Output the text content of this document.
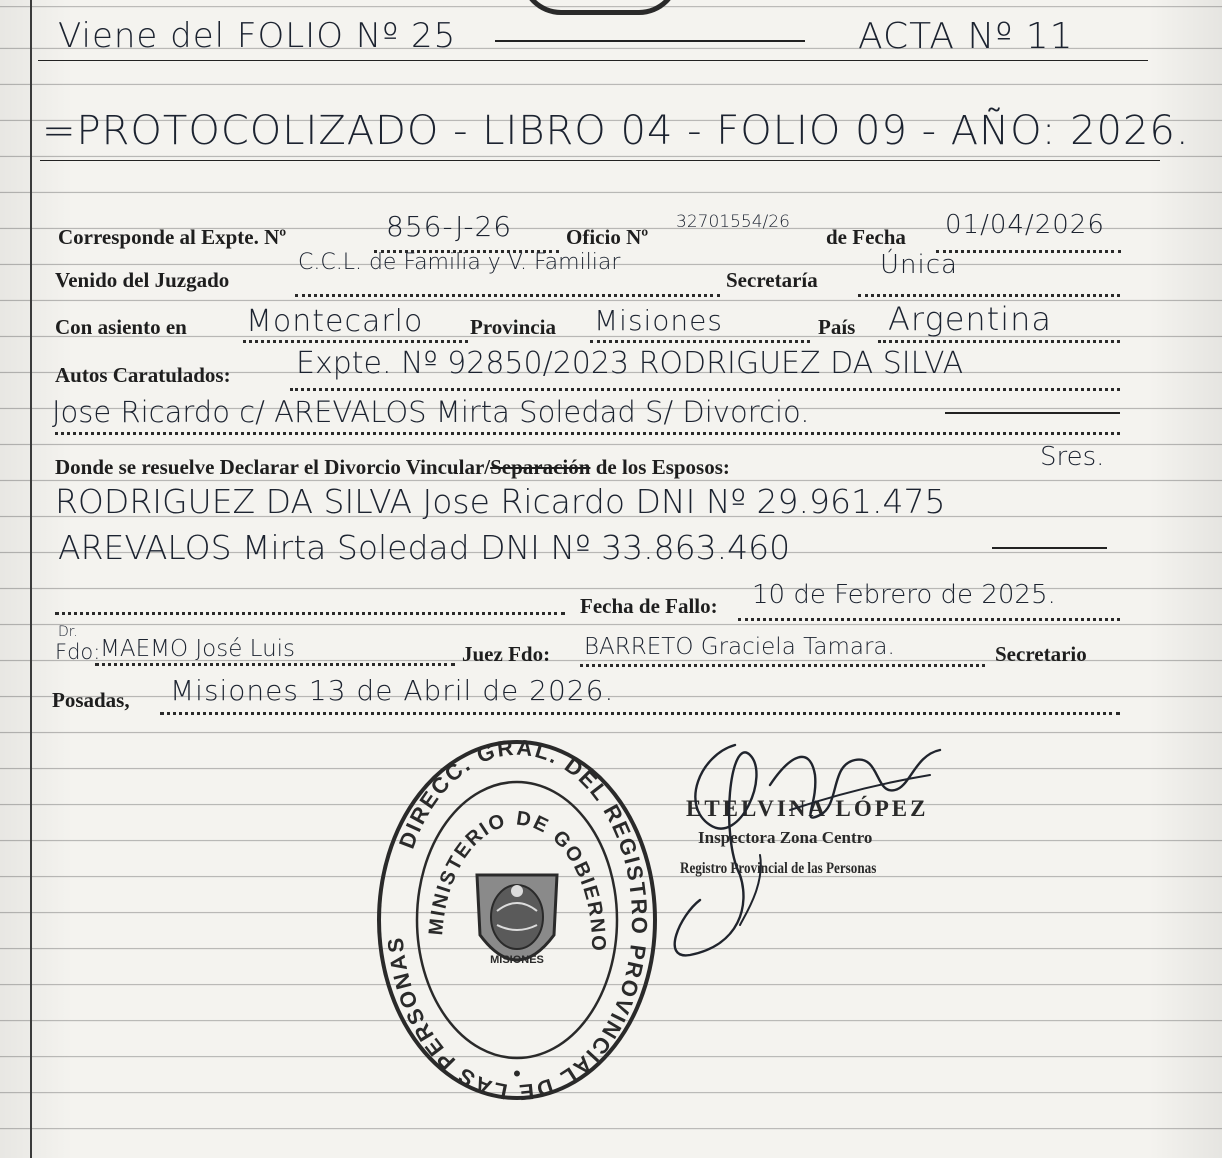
Viene del FOLIO Nº 25	ACTA Nº 11
=PROTOCOLIZADO - LIBRO 04 - FOLIO 09 - AÑO: 2026.
Corresponde al Expte. Nº	856-J-26	Oficio Nº
32701554/26
de Fecha 01/04/2026
Venido del Juzgado
C.C.L. de Familia y V. Familiar
Secretaría Única
Con asiento en Montecarlo Provincia Misiones	País Argentina
Autos Caratulados: Expte. Nº 92850/2023 RODRIGUEZ DA SILVA
Jose Ricardo c/ AREVALOS Mirta Soledad S/ Divorcio.
Donde se resuelve Declarar el Divorcio Vincular/Separación de los Esposos:	Sres.
RODRIGUEZ DA SILVA Jose Ricardo DNI Nº 29.961.475
AREVALOS Mirta Soledad DNI Nº 33.863.460
Fecha de Fallo: 10 de Febrero de 2025.
Dr.
Fdo: MAEMO José Luis	Juez Fdo: BARRETO Graciela Tamara.	Secretario
Posadas, Misiones 13 de Abril de 2026.
DIRECC. GRAL. DEL REGISTRO PROVINCIAL DE LAS PERSONAS
MINISTERIO DE GOBIERNO
•
MISIONES
ETELVINA LÓPEZ
Inspectora Zona Centro
Registro Provincial de las Personas
